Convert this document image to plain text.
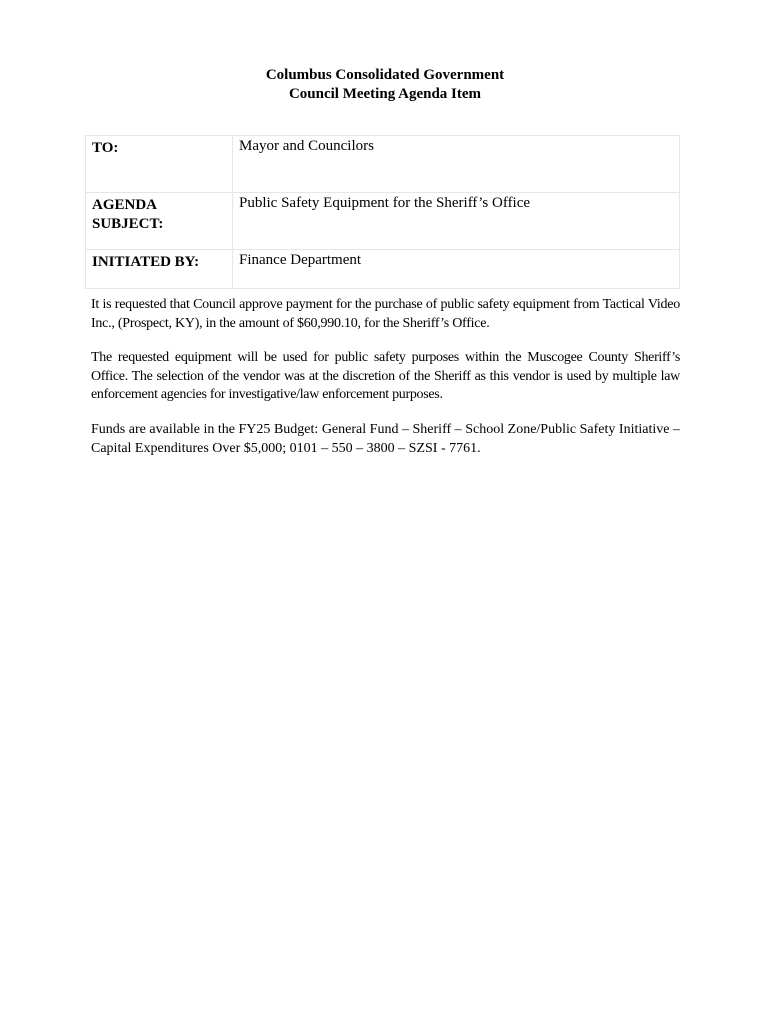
Columbus Consolidated Government
Council Meeting Agenda Item
TO:	Mayor and Councilors

AGENDA
SUBJECT:	Public Safety Equipment for the Sheriff’s Office
INITIATED BY:	Finance Department

It is requested that Council approve payment for the purchase of public safety equipment from Tactical Video Inc., (Prospect, KY), in the amount of $60,990.10, for the Sheriff’s Office.

The requested equipment will be used for public safety purposes within the Muscogee County Sheriff’s Office. The selection of the vendor was at the discretion of the Sheriff as this vendor is used by multiple law enforcement agencies for investigative/law enforcement purposes.

Funds are available in the FY25 Budget: General Fund – Sheriff – School Zone/Public Safety Initiative – Capital Expenditures Over $5,000; 0101 – 550 – 3800 – SZSI - 7761.
